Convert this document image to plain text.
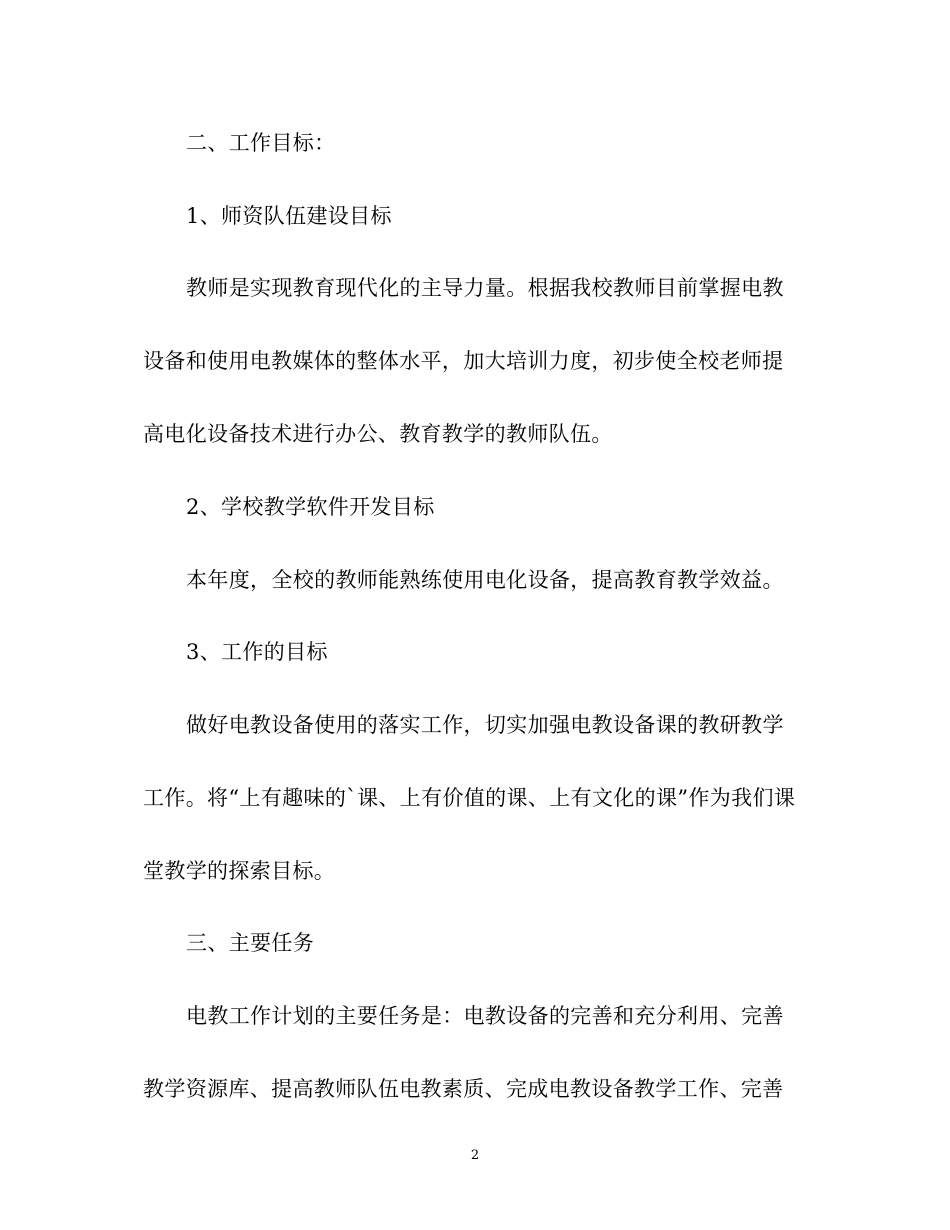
二、工作目标：
1、师资队伍建设目标
教师是实现教育现代化的主导力量。根据我校教师目前掌握电教
设备和使用电教媒体的整体水平，加大培训力度，初步使全校老师提
高电化设备技术进行办公、教育教学的教师队伍。
2、学校教学软件开发目标
本年度，全校的教师能熟练使用电化设备，提高教育教学效益。
3、工作的目标
做好电教设备使用的落实工作，切实加强电教设备课的教研教学
工作。将“上有趣味的`课、上有价值的课、上有文化的课”作为我们课
堂教学的探索目标。
三、主要任务
电教工作计划的主要任务是：电教设备的完善和充分利用、完善
教学资源库、提高教师队伍电教素质、完成电教设备教学工作、完善
2
